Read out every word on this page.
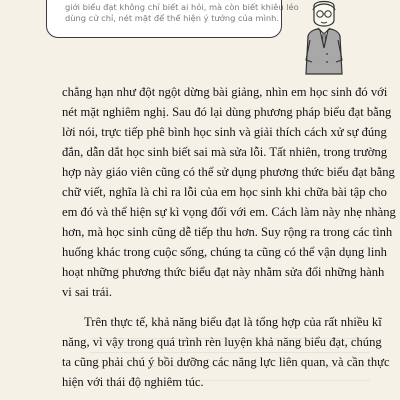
giới biểu đạt không chỉ biết ai hỏi, mà còn biết khiêu léo
dùng cử chỉ, nét mặt để thể hiện ý tưởng của mình.
chẳng hạn như đột ngột dừng bài giảng, nhìn em học sinh đó với
nét mặt nghiêm nghị. Sau đó lại dùng phương pháp biểu đạt bằng
lời nói, trực tiếp phê bình học sinh và giải thích cách xử sự đúng
đắn, dẫn dắt học sinh biết sai mà sửa lỗi. Tất nhiên, trong trường
hợp này giáo viên cũng có thể sử dụng phương thức biểu đạt bằng
chữ viết, nghĩa là chỉ ra lỗi của em học sinh khi chữa bài tập cho
em đó và thể hiện sự kì vọng đối với em. Cách làm này nhẹ nhàng
hơn, mà học sinh cũng dễ tiếp thu hơn. Suy rộng ra trong các tình
huống khác trong cuộc sống, chúng ta cũng có thể vận dụng linh
hoạt những phương thức biểu đạt này nhằm sửa đổi những hành
vi sai trái.
Trên thực tế, khả năng biểu đạt là tổng hợp của rất nhiều kĩ
năng, vì vậy trong quá trình rèn luyện khả năng biểu đạt, chúng
ta cũng phải chú ý bồi dưỡng các năng lực liên quan, và cần thực
hiện với thái độ nghiêm túc.
